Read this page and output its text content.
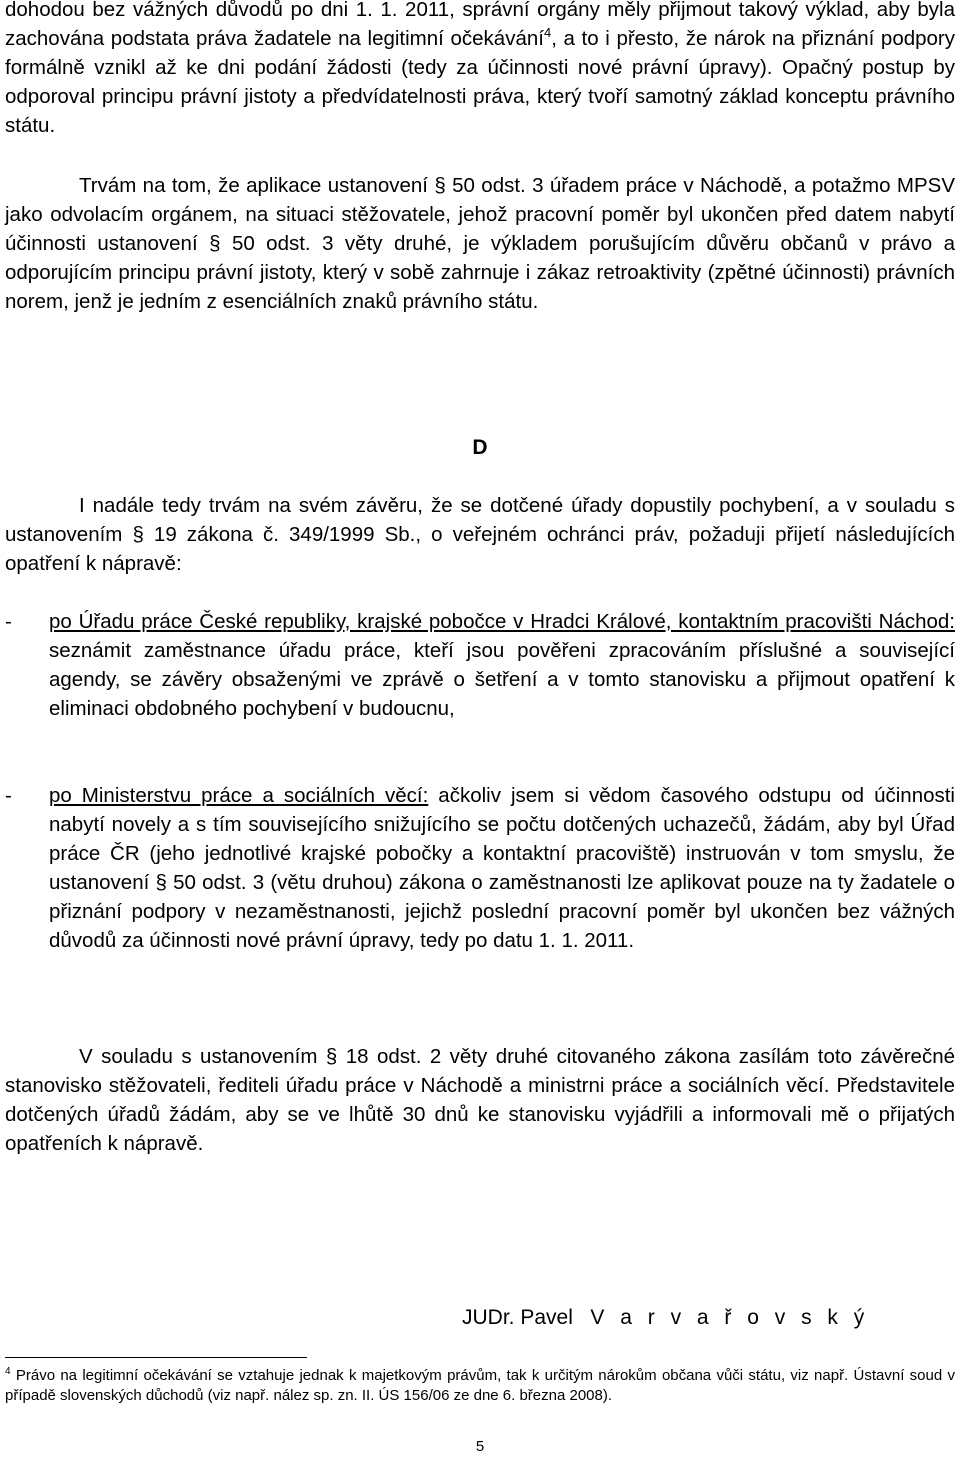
dohodou bez vážných důvodů po dni 1. 1. 2011, správní orgány měly přijmout takový výklad, aby byla zachována podstata práva žadatele na legitimní očekávání$^4$, a to i přesto, že nárok na přiznání podpory formálně vznikl až ke dni podání žádosti (tedy za účinnosti nové právní úpravy). Opačný postup by odporoval principu právní jistoty a předvídatelnosti práva, který tvoří samotný základ konceptu právního státu.

Trvám na tom, že aplikace ustanovení § 50 odst. 3 úřadem práce v Náchodě, a potažmo MPSV jako odvolacím orgánem, na situaci stěžovatele, jehož pracovní poměr byl ukončen před datem nabytí účinnosti ustanovení § 50 odst. 3 věty druhé, je výkladem porušujícím důvěru občanů v právo a odporujícím principu právní jistoty, který v sobě zahrnuje i zákaz retroaktivity (zpětné účinnosti) právních norem, jenž je jedním z esenciálních znaků právního státu.

D

I nadále tedy trvám na svém závěru, že se dotčené úřady dopustily pochybení, a v souladu s ustanovením § 19 zákona č. 349/1999 Sb., o veřejném ochránci práv, požaduji přijetí následujících opatření k nápravě:

- po Úřadu práce České republiky, krajské pobočce v Hradci Králové, kontaktním pracovišti Náchod: seznámit zaměstnance úřadu práce, kteří jsou pověřeni zpracováním příslušné a související agendy, se závěry obsaženými ve zprávě o šetření a v tomto stanovisku a přijmout opatření k eliminaci obdobného pochybení v budoucnu,
- po Ministerstvu práce a sociálních věcí: ačkoliv jsem si vědom časového odstupu od účinnosti nabytí novely a s tím souvisejícího snižujícího se počtu dotčených uchazečů, žádám, aby byl Úřad práce ČR (jeho jednotlivé krajské pobočky a kontaktní pracoviště) instruován v tom smyslu, že ustanovení § 50 odst. 3 (větu druhou) zákona o zaměstnanosti lze aplikovat pouze na ty žadatele o přiznání podpory v nezaměstnanosti, jejichž poslední pracovní poměr byl ukončen bez vážných důvodů za účinnosti nové právní úpravy, tedy po datu 1. 1. 2011.

V souladu s ustanovením § 18 odst. 2 věty druhé citovaného zákona zasílám toto závěrečné stanovisko stěžovateli, řediteli úřadu práce v Náchodě a ministrni práce a sociálních věcí. Představitele dotčených úřadů žádám, aby se ve lhůtě 30 dnů ke stanovisku vyjádřili a informovali mě o přijatých opatřeních k nápravě.

JUDr. Pavel V a r v a ř o v s k ý

$^4$ Právo na legitimní očekávání se vztahuje jednak k majetkovým právům, tak k určitým nárokům občana vůči státu, viz např. Ústavní soud v případě slovenských důchodů (viz např. nález sp. zn. II. ÚS 156/06 ze dne 6. března 2008).

5
